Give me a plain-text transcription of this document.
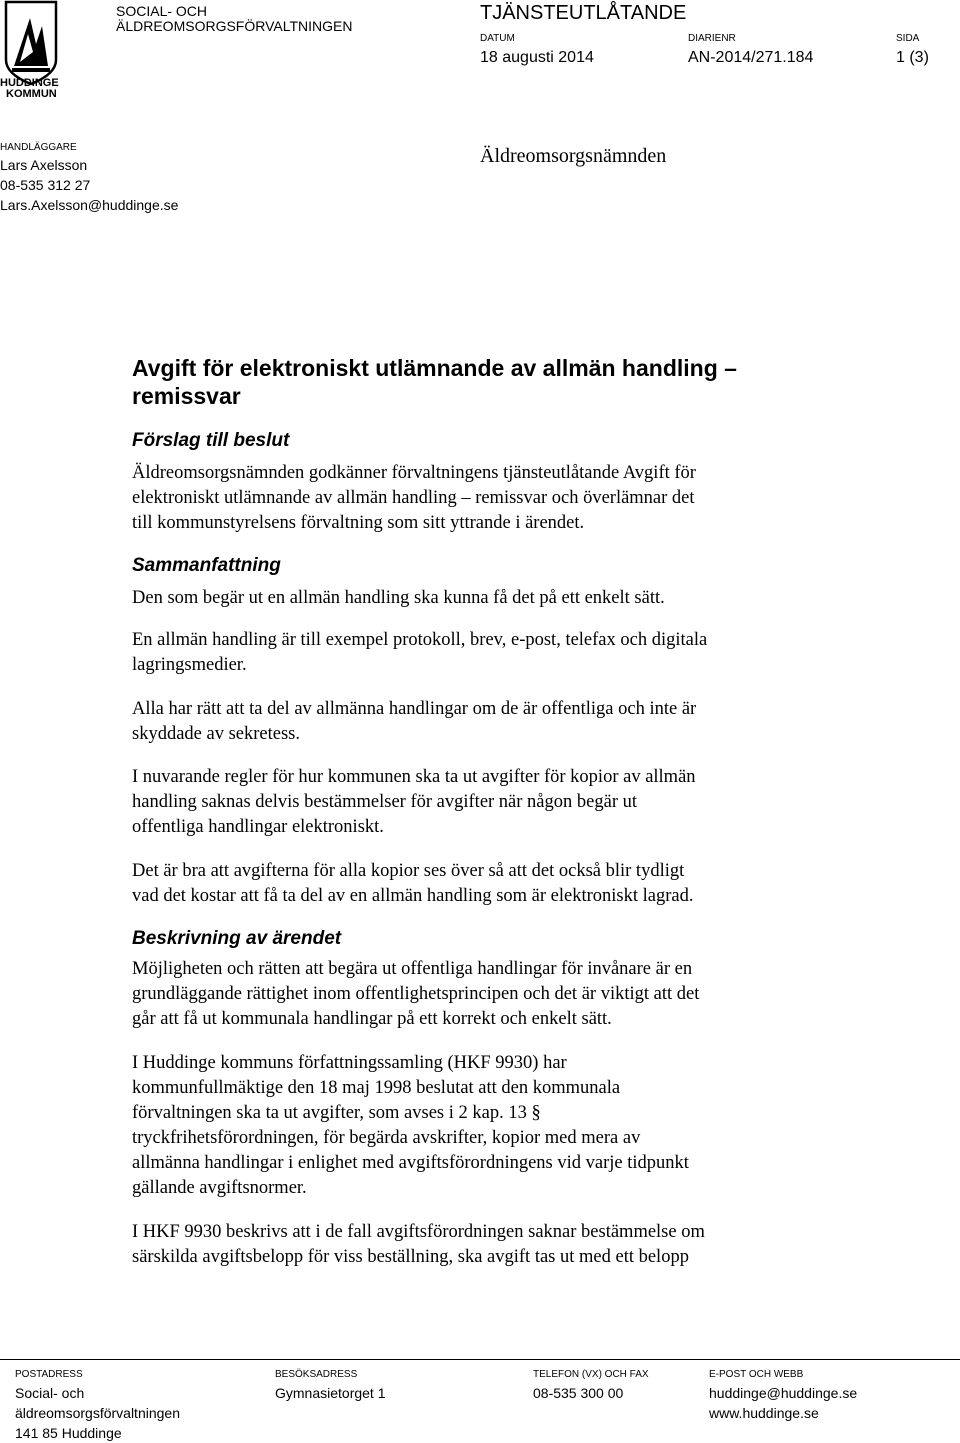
HUDDINGE
KOMMUN
SOCIAL- OCH
ÄLDREOMSORGSFÖRVALTNINGEN
TJÄNSTEUTLÅTANDE
DATUM
18 augusti 2014
DIARIENR
AN-2014/271.184
SIDA
1 (3)
HANDLÄGGARE
Lars Axelsson
08-535 312 27
Lars.Axelsson@huddinge.se
Äldreomsorgsnämnden
Avgift för elektroniskt utlämnande av allmän handling –
remissvar
Förslag till beslut
Äldreomsorgsnämnden godkänner förvaltningens tjänsteutlåtande Avgift för
elektroniskt utlämnande av allmän handling – remissvar och överlämnar det
till kommunstyrelsens förvaltning som sitt yttrande i ärendet.
Sammanfattning
Den som begär ut en allmän handling ska kunna få det på ett enkelt sätt.
En allmän handling är till exempel protokoll, brev, e-post, telefax och digitala
lagringsmedier.
Alla har rätt att ta del av allmänna handlingar om de är offentliga och inte är
skyddade av sekretess.
I nuvarande regler för hur kommunen ska ta ut avgifter för kopior av allmän
handling saknas delvis bestämmelser för avgifter när någon begär ut
offentliga handlingar elektroniskt.
Det är bra att avgifterna för alla kopior ses över så att det också blir tydligt
vad det kostar att få ta del av en allmän handling som är elektroniskt lagrad.
Beskrivning av ärendet
Möjligheten och rätten att begära ut offentliga handlingar för invånare är en
grundläggande rättighet inom offentlighetsprincipen och det är viktigt att det
går att få ut kommunala handlingar på ett korrekt och enkelt sätt.
I Huddinge kommuns författningssamling (HKF 9930) har
kommunfullmäktige den 18 maj 1998 beslutat att den kommunala
förvaltningen ska ta ut avgifter, som avses i 2 kap. 13 §
tryckfrihetsförordningen, för begärda avskrifter, kopior med mera av
allmänna handlingar i enlighet med avgiftsförordningens vid varje tidpunkt
gällande avgiftsnormer.
I HKF 9930 beskrivs att i de fall avgiftsförordningen saknar bestämmelse om
särskilda avgiftsbelopp för viss beställning, ska avgift tas ut med ett belopp
POSTADRESS
Social- och
äldreomsorgsförvaltningen
141 85 Huddinge
BESÖKSADRESS
Gymnasietorget 1
TELEFON (VX) OCH FAX
08-535 300 00
E-POST OCH WEBB
huddinge@huddinge.se
www.huddinge.se
